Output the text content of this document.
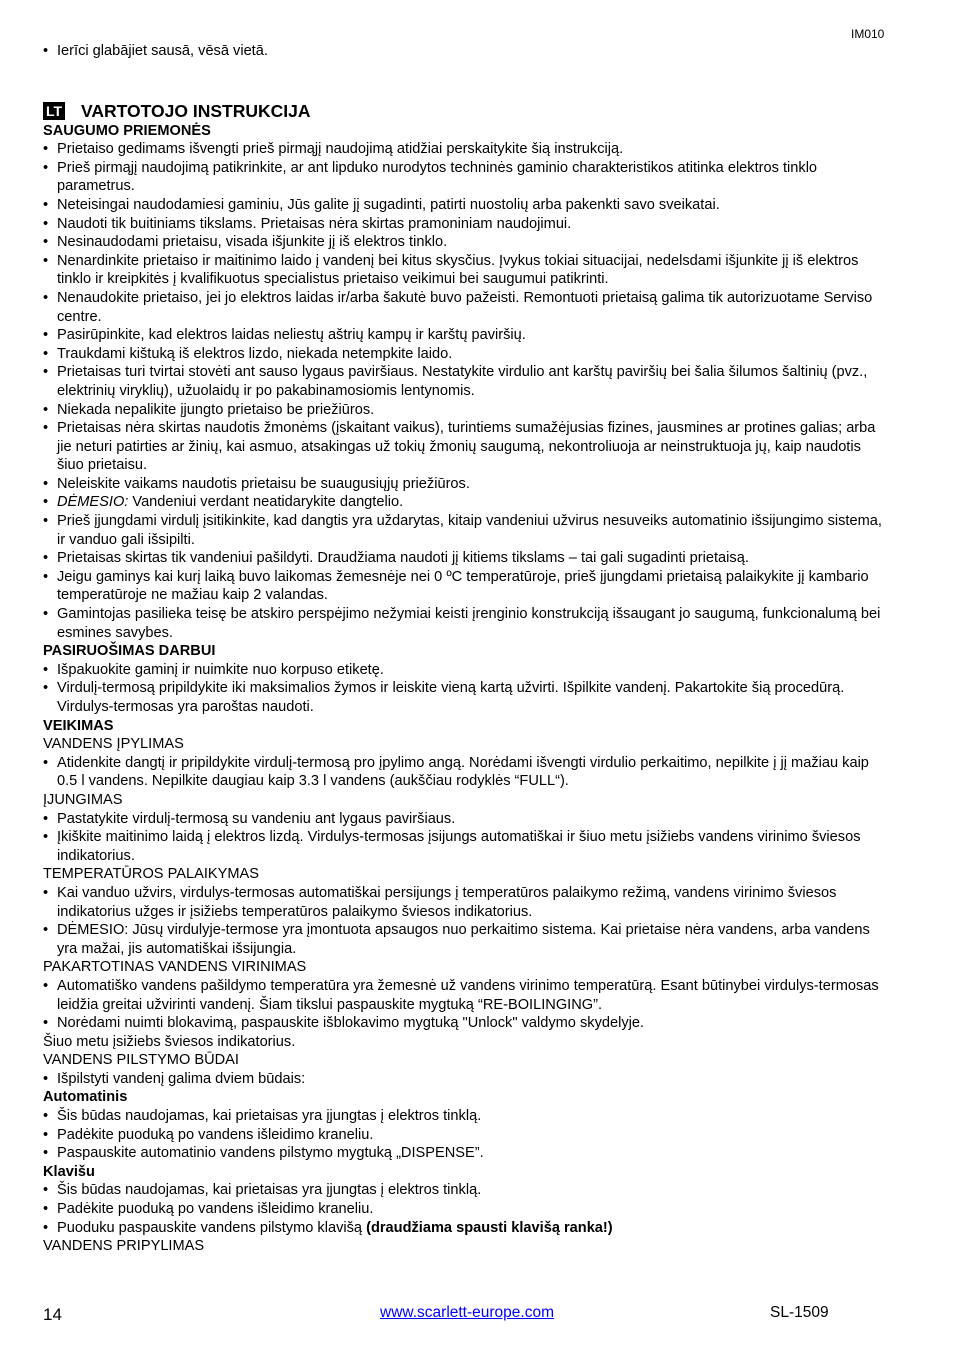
IM010
• Ierīci glabājiet sausā, vēsā vietā.
LT VARTOTOJO INSTRUKCIJA
SAUGUMO PRIEMONĖS
• Prietaiso gedimams išvengti prieš pirmąjį naudojimą atidžiai perskaitykite šią instrukciją.
• Prieš pirmąjį naudojimą patikrinkite, ar ant lipduko nurodytos techninės gaminio charakteristikos atitinka elektros tinklo parametrus.
• Neteisingai naudodamiesi gaminiu, Jūs galite jį sugadinti, patirti nuostolių arba pakenkti savo sveikatai.
• Naudoti tik buitiniams tikslams. Prietaisas nėra skirtas pramoniniam naudojimui.
• Nesinaudodami prietaisu, visada išjunkite jį iš elektros tinklo.
• Nenardinkite prietaiso ir maitinimo laido į vandenį bei kitus skysčius. Įvykus tokiai situacijai, nedelsdami išjunkite jį iš elektros tinklo ir kreipkitės į kvalifikuotus specialistus prietaiso veikimui bei saugumui patikrinti.
• Nenaudokite prietaiso, jei jo elektros laidas ir/arba šakutė buvo pažeisti. Remontuoti prietaisą galima tik autorizuotame Serviso centre.
• Pasirūpinkite, kad elektros laidas neliestų aštrių kampų ir karštų paviršių.
• Traukdami kištuką iš elektros lizdo, niekada netempkite laido.
• Prietaisas turi tvirtai stovėti ant sauso lygaus paviršiaus. Nestatykite virdulio ant karštų paviršių bei šalia šilumos šaltinių (pvz., elektrinių viryklių), užuolaidų ir po pakabinamosiomis lentynomis.
• Niekada nepalikite įjungto prietaiso be priežiūros.
• Prietaisas nėra skirtas naudotis žmonėms (įskaitant vaikus), turintiems sumažėjusias fizines, jausmines ar protines galias; arba jie neturi patirties ar žinių, kai asmuo, atsakingas už tokių žmonių saugumą, nekontroliuoja ar neinstruktuoja jų, kaip naudotis šiuo prietaisu.
• Neleiskite vaikams naudotis prietaisu be suaugusiųjų priežiūros.
• DĖMESIO: Vandeniui verdant neatidarykite dangtelio.
• Prieš įjungdami virdulį įsitikinkite, kad dangtis yra uždarytas, kitaip vandeniui užvirus nesuveiks automatinio išsijungimo sistema, ir vanduo gali išsipilti.
• Prietaisas skirtas tik vandeniui pašildyti. Draudžiama naudoti jį kitiems tikslams – tai gali sugadinti prietaisą.
• Jeigu gaminys kai kurį laiką buvo laikomas žemesnėje nei 0 ºC temperatūroje, prieš įjungdami prietaisą palaikykite jį kambario temperatūroje ne mažiau kaip 2 valandas.
• Gamintojas pasilieka teisę be atskiro perspėjimo nežymiai keisti įrenginio konstrukciją išsaugant jo saugumą, funkcionalumą bei esmines savybes.
PASIRUOŠIMAS DARBUI
• Išpakuokite gaminį ir nuimkite nuo korpuso etiketę.
• Virdulį-termosą pripildykite iki maksimalios žymos ir leiskite vieną kartą užvirti. Išpilkite vandenį. Pakartokite šią procedūrą. Virdulys-termosas yra paroštas naudoti.
VEIKIMAS
VANDENS ĮPYLIMAS
• Atidenkite dangtį ir pripildykite virdulį-termosą pro įpylimo angą. Norėdami išvengti virdulio perkaitimo, nepilkite į jį mažiau kaip 0.5 l vandens. Nepilkite daugiau kaip 3.3 l vandens (aukščiau rodyklės “FULL“).
ĮJUNGIMAS
• Pastatykite virdulį-termosą su vandeniu ant lygaus paviršiaus.
• Įkiškite maitinimo laidą į elektros lizdą. Virdulys-termosas įsijungs automatiškai ir šiuo metu įsižiebs vandens virinimo šviesos indikatorius.
TEMPERATŪROS PALAIKYMAS
• Kai vanduo užvirs, virdulys-termosas automatiškai persijungs į temperatūros palaikymo režimą, vandens virinimo šviesos indikatorius užges ir įsižiebs temperatūros palaikymo šviesos indikatorius.
• DĖMESIO: Jūsų virdulyje-termose yra įmontuota apsaugos nuo perkaitimo sistema. Kai prietaise nėra vandens, arba vandens yra mažai, jis automatiškai išsijungia.
PAKARTOTINAS VANDENS VIRINIMAS
• Automatiško vandens pašildymo temperatūra yra žemesnė už vandens virinimo temperatūrą. Esant būtinybei virdulys-termosas leidžia greitai užvirinti vandenį. Šiam tikslui paspauskite mygtuką “RE-BOILINGING”.
• Norėdami nuimti blokavimą, paspauskite išblokavimo mygtuką "Unlock" valdymo skydelyje.
Šiuo metu įsižiebs šviesos indikatorius.
VANDENS PILSTYMO BŪDAI
• Išpilstyti vandenį galima dviem būdais:
Automatinis
• Šis būdas naudojamas, kai prietaisas yra įjungtas į elektros tinklą.
• Padėkite puoduką po vandens išleidimo kraneliu.
• Paspauskite automatinio vandens pilstymo mygtuką „DISPENSE”.
Klavišu
• Šis būdas naudojamas, kai prietaisas yra įjungtas į elektros tinklą.
• Padėkite puoduką po vandens išleidimo kraneliu.
• Puoduku paspauskite vandens pilstymo klavišą (draudžiama spausti klavišą ranka!)
VANDENS PRIPYLIMAS
14	www.scarlett-europe.com	SL-1509
